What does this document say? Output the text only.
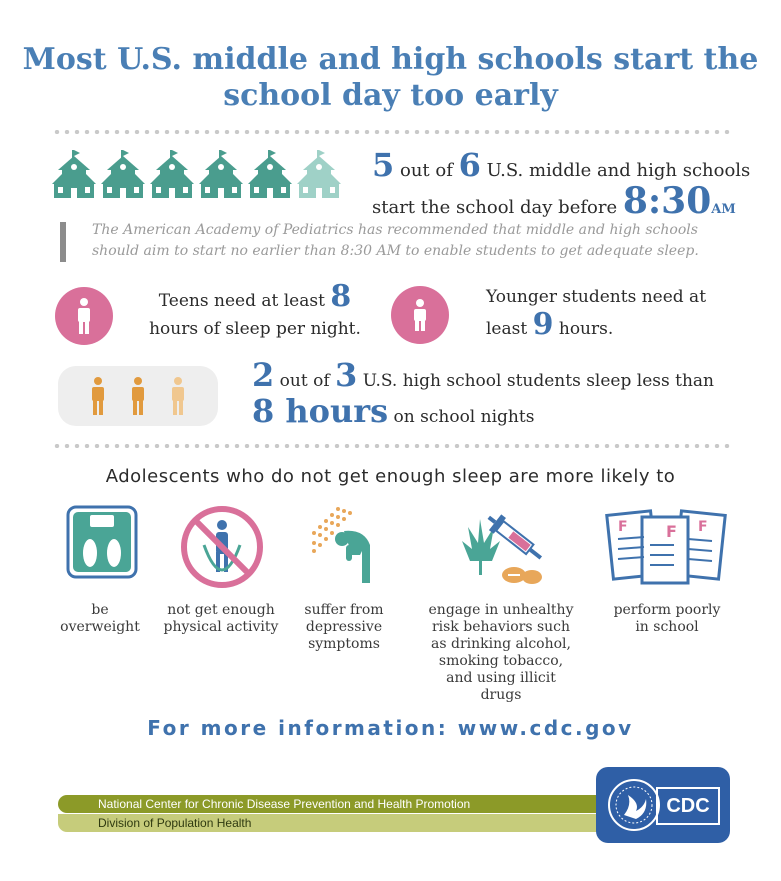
Most U.S. middle and high schools start the school day too early
5 out of 6 U.S. middle and high schools start the school day before 8:30AM
The American Academy of Pediatrics has recommended that middle and high schools should aim to start no earlier than 8:30 AM to enable students to get adequate sleep.
Teens need at least 8 hours of sleep per night.
Younger students need at least 9 hours.
2 out of 3 U.S. high school students sleep less than 8 hours on school nights
Adolescents who do not get enough sleep are more likely to
F F F
be overweight
not get enough physical activity
suffer from depressive symptoms
engage in unhealthy risk behaviors such as drinking alcohol, smoking tobacco, and using illicit drugs
perform poorly in school
For more information: www.cdc.gov
National Center for Chronic Disease Prevention and Health Promotion
Division of Population Health
CDC
